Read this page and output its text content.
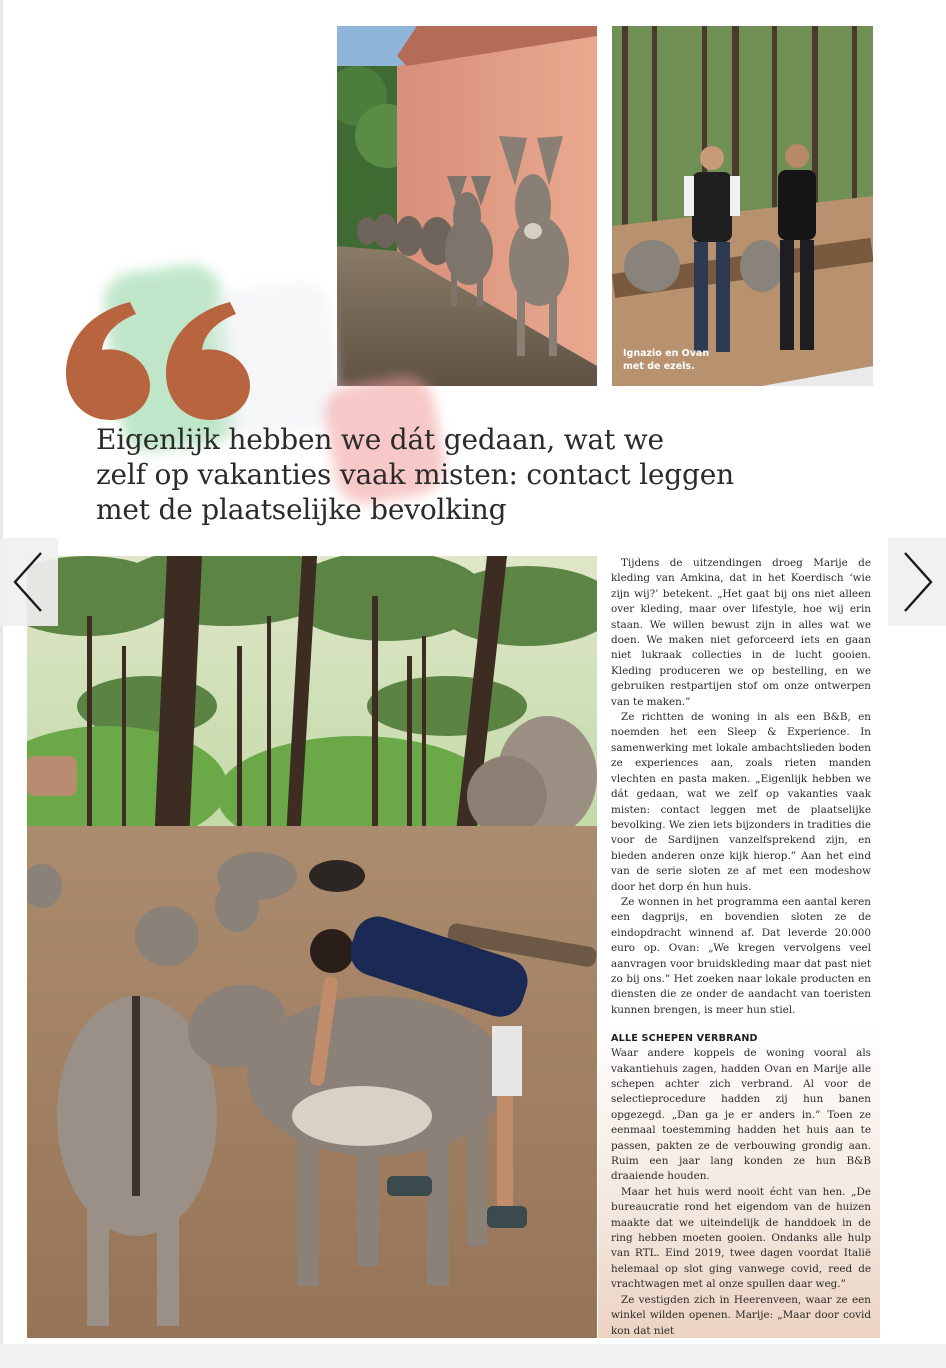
Ignazio en Ovan
met de ezels.
Eigenlijk hebben we dát gedaan, wat we
zelf op vakanties vaak misten: contact leggen
met de plaatselijke bevolking

Tijdens de uitzendingen droeg Marije de kleding van Amkina, dat in het Koerdisch ‘wie zijn wij?’ betekent. „Het gaat bij ons niet alleen over kleding, maar over lifestyle, hoe wij erin staan. We willen bewust zijn in alles wat we doen. We maken niet geforceerd iets en gaan niet lukraak collecties in de lucht gooien. Kleding produceren we op bestelling, en we gebruiken restpartijen stof om onze ontwerpen van te maken.”

Ze richtten de woning in als een B&B, en noemden het een Sleep & Experience. In samenwerking met lokale ambachtslieden boden ze experiences aan, zoals rieten manden vlechten en pasta maken. „Eigenlijk hebben we dát gedaan, wat we zelf op vakanties vaak misten: contact leggen met de plaatselijke bevolking. We zien iets bijzonders in tradities die voor de Sardijnen vanzelfsprekend zijn, en bieden anderen onze kijk hierop.” Aan het eind van de serie sloten ze af met een modeshow door het dorp én hun huis.

Ze wonnen in het programma een aantal keren een dagprijs, en bovendien sloten ze de eindopdracht winnend af. Dat leverde 20.000 euro op. Ovan: „We kregen vervolgens veel aanvragen voor bruidskleding maar dat past niet zo bij ons.” Het zoeken naar lokale producten en diensten die ze onder de aandacht van toeristen kunnen brengen, is meer hun stiel.

ALLE SCHEPEN VERBRAND

Waar andere koppels de woning vooral als vakantiehuis zagen, hadden Ovan en Marije alle schepen achter zich verbrand. Al voor de selectieprocedure hadden zij hun banen opgezegd. „Dan ga je er anders in.” Toen ze eenmaal toestemming hadden het huis aan te passen, pakten ze de verbouwing grondig aan. Ruim een jaar lang konden ze hun B&B draaiende houden.

Maar het huis werd nooit écht van hen. „De bureaucratie rond het eigendom van de huizen maakte dat we uiteindelijk de handdoek in de ring hebben moeten gooien. Ondanks alle hulp van RTL. Eind 2019, twee dagen voordat Italië helemaal op slot ging vanwege covid, reed de vrachtwagen met al onze spullen daar weg.”

Ze vestigden zich in Heerenveen, waar ze een winkel wilden openen. Marije: „Maar door covid kon dat niet
